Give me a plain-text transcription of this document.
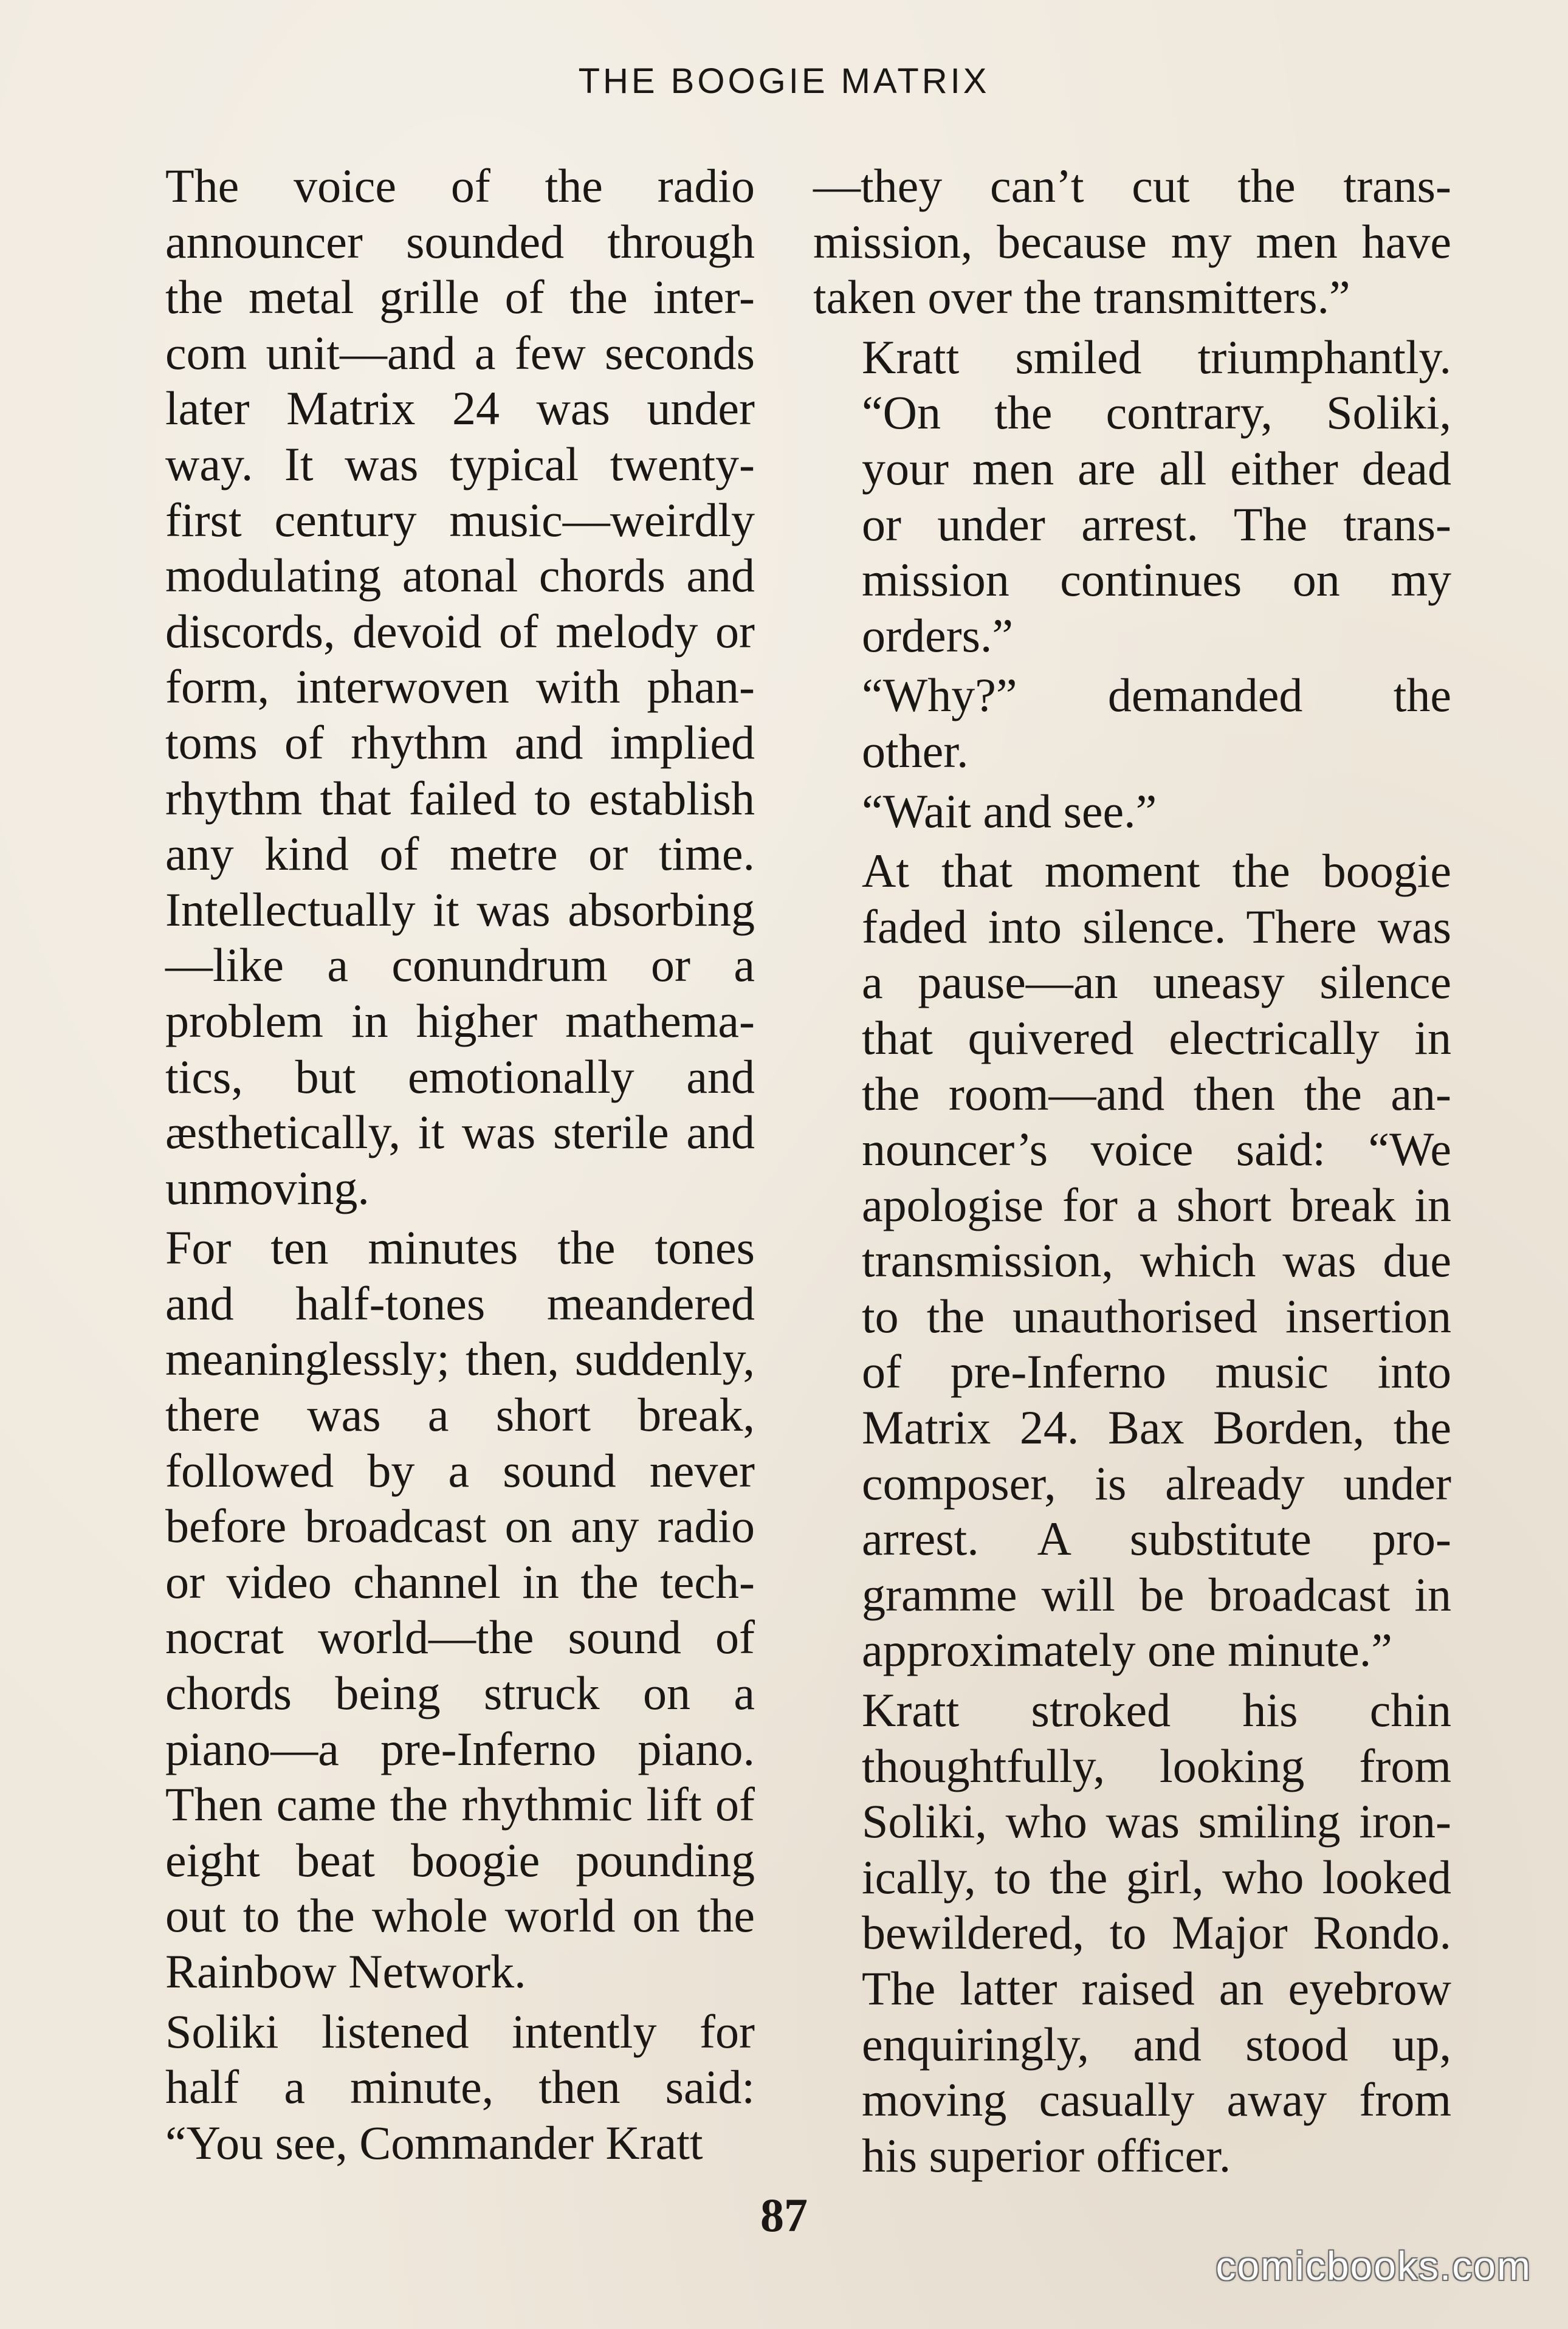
THE BOOGIE MATRIX
The voice of the radio
announcer sounded through
the metal grille of the inter-
com unit—and a few seconds
later Matrix 24 was under
way. It was typical twenty-
first century music—weirdly
modulating atonal chords and
discords, devoid of melody or
form, interwoven with phan-
toms of rhythm and implied
rhythm that failed to establish
any kind of metre or time.
Intellectually it was absorbing
—like a conundrum or a
problem in higher mathema-
tics, but emotionally and
æsthetically, it was sterile and
unmoving.
For ten minutes the tones
and half-tones meandered
meaninglessly; then, suddenly,
there was a short break,
followed by a sound never
before broadcast on any radio
or video channel in the tech-
nocrat world—the sound of
chords being struck on a
piano—a pre-Inferno piano.
Then came the rhythmic lift of
eight beat boogie pounding
out to the whole world on the
Rainbow Network.
Soliki listened intently for
half a minute, then said:
“You see, Commander Kratt
—they can’t cut the trans-
mission, because my men have
taken over the transmitters.”
Kratt smiled triumphantly.
“On the contrary, Soliki,
your men are all either dead
or under arrest. The trans-
mission continues on my
orders.”
“Why?” demanded the
other.
“Wait and see.”
At that moment the boogie
faded into silence. There was
a pause—an uneasy silence
that quivered electrically in
the room—and then the an-
nouncer’s voice said: “We
apologise for a short break in
transmission, which was due
to the unauthorised insertion
of pre-Inferno music into
Matrix 24. Bax Borden, the
composer, is already under
arrest. A substitute pro-
gramme will be broadcast in
approximately one minute.”
Kratt stroked his chin
thoughtfully, looking from
Soliki, who was smiling iron-
ically, to the girl, who looked
bewildered, to Major Rondo.
The latter raised an eyebrow
enquiringly, and stood up,
moving casually away from
his superior officer.
87
comicbooks.com
